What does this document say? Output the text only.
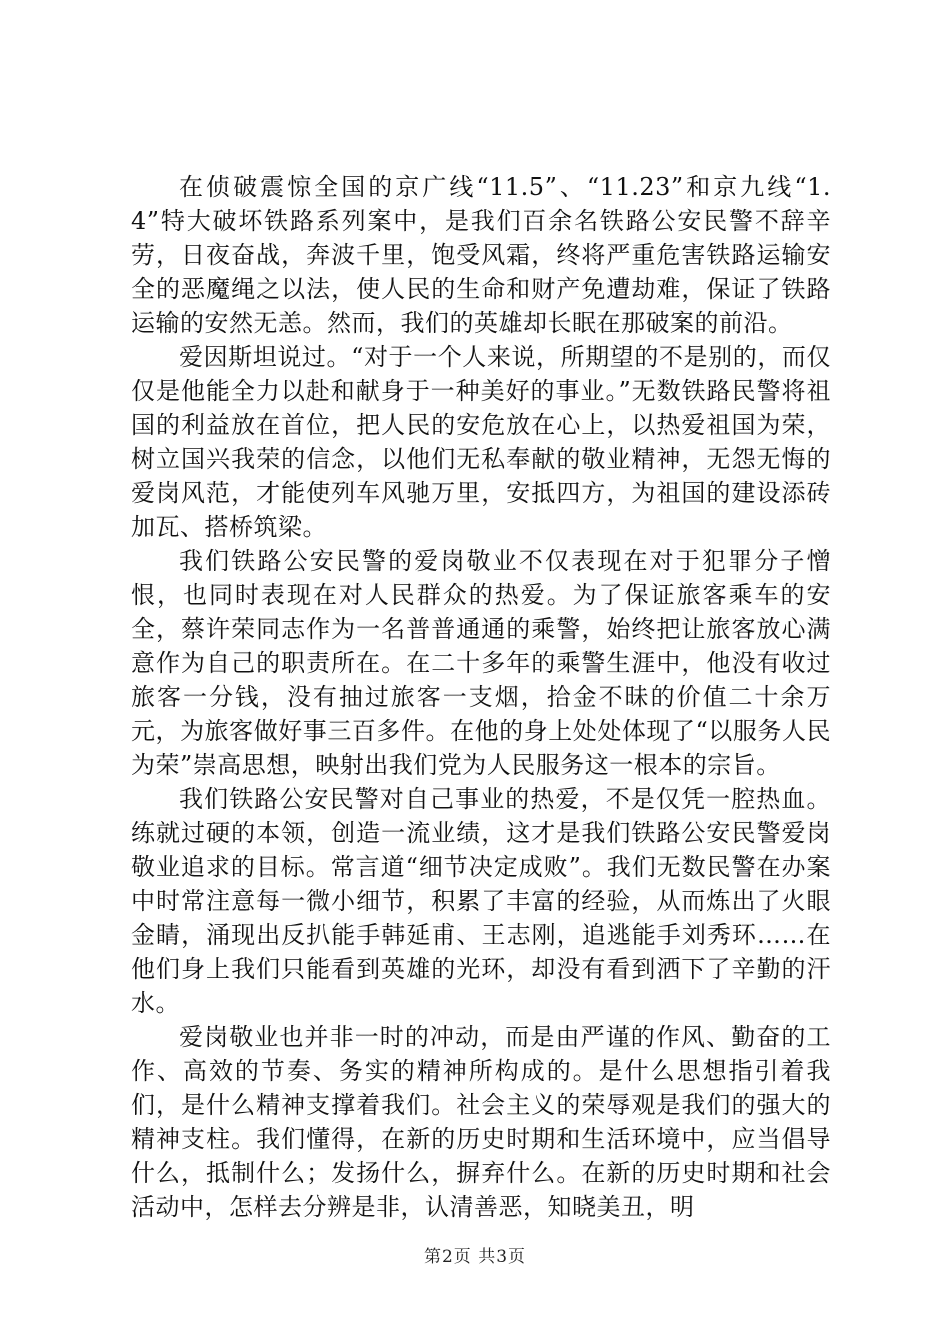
在侦破震惊全国的京广线“11.5”、“11.23”和京九线“1.4”特大破坏铁路系列案中，是我们百余名铁路公安民警不辞辛劳，日夜奋战，奔波千里，饱受风霜，终将严重危害铁路运输安全的恶魔绳之以法，使人民的生命和财产免遭劫难，保证了铁路运输的安然无恙。然而，我们的英雄却长眠在那破案的前沿。

爱因斯坦说过。“对于一个人来说，所期望的不是别的，而仅仅是他能全力以赴和献身于一种美好的事业。”无数铁路民警将祖国的利益放在首位，把人民的安危放在心上，以热爱祖国为荣，树立国兴我荣的信念，以他们无私奉献的敬业精神，无怨无悔的爱岗风范，才能使列车风驰万里，安抵四方，为祖国的建设添砖加瓦、搭桥筑梁。

我们铁路公安民警的爱岗敬业不仅表现在对于犯罪分子憎恨，也同时表现在对人民群众的热爱。为了保证旅客乘车的安全，蔡许荣同志作为一名普普通通的乘警，始终把让旅客放心满意作为自己的职责所在。在二十多年的乘警生涯中，他没有收过旅客一分钱，没有抽过旅客一支烟，拾金不昧的价值二十余万元，为旅客做好事三百多件。在他的身上处处体现了“以服务人民为荣”崇高思想，映射出我们党为人民服务这一根本的宗旨。

我们铁路公安民警对自己事业的热爱，不是仅凭一腔热血。练就过硬的本领，创造一流业绩，这才是我们铁路公安民警爱岗敬业追求的目标。常言道“细节决定成败”。我们无数民警在办案中时常注意每一微小细节，积累了丰富的经验，从而炼出了火眼金睛，涌现出反扒能手韩延甫、王志刚，追逃能手刘秀环……在他们身上我们只能看到英雄的光环，却没有看到洒下了辛勤的汗水。

爱岗敬业也并非一时的冲动，而是由严谨的作风、勤奋的工作、高效的节奏、务实的精神所构成的。是什么思想指引着我们，是什么精神支撑着我们。社会主义的荣辱观是我们的强大的精神支柱。我们懂得，在新的历史时期和生活环境中，应当倡导什么，抵制什么；发扬什么，摒弃什么。在新的历史时期和社会活动中，怎样去分辨是非，认清善恶，知晓美丑，明

第2页 共3页
